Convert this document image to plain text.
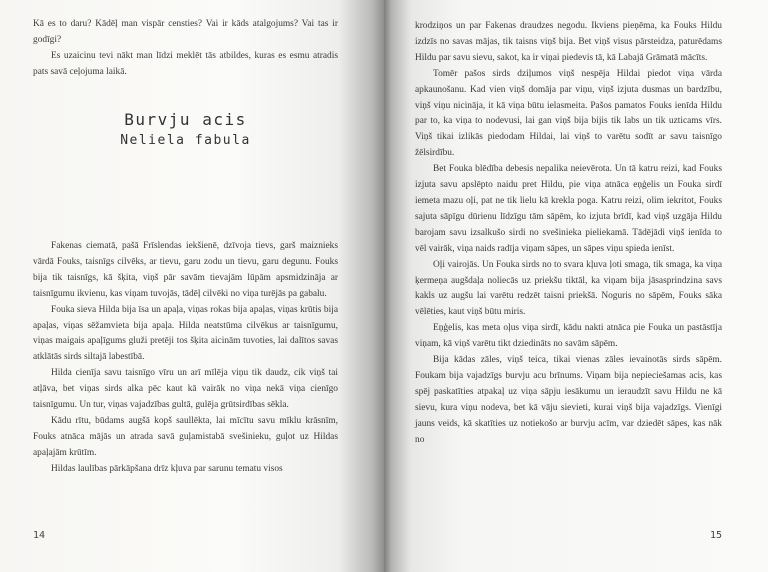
Kā es to daru? Kādēļ man vispār censties? Vai ir kāds atalgojums? Vai tas ir godīgi?

Es uzaicinu tevi nākt man līdzi meklēt tās atbildes, kuras es esmu atradis pats savā ceļojuma laikā.

Burvju acis
Neliela fabula

Fakenas ciematā, pašā Frīslendas iekšienē, dzīvoja tievs, garš maiznieks vārdā Fouks, taisnīgs cilvēks, ar tievu, garu zodu un tievu, garu degunu. Fouks bija tik taisnīgs, kā šķita, viņš pār savām tievajām lūpām apsmidzināja ar taisnīgumu ikvienu, kas viņam tuvojās, tādēļ cilvēki no viņa turējās pa gabalu.

Fouka sieva Hilda bija īsa un apaļa, viņas rokas bija apaļas, viņas krūtis bija apaļas, viņas sēžamvieta bija apaļa. Hilda neatstūma cilvēkus ar taisnīgumu, viņas maigais apaļīgums gluži pretēji tos šķita aicinām tuvoties, lai dalītos savas atklātās sirds siltajā labestībā.

Hilda cienīja savu taisnīgo vīru un arī mīlēja viņu tik daudz, cik viņš tai atļāva, bet viņas sirds alka pēc kaut kā vairāk no viņa nekā viņa cienīgo taisnīgumu. Un tur, viņas vajadzības gultā, gulēja grūtsirdības sēkla.

Kādu rītu, būdams augšā kopš saullēkta, lai mīcītu savu mīklu krāsnīm, Fouks atnāca mājās un atrada savā guļamistabā svešinieku, guļot uz Hildas apaļajām krūtīm.

Hildas laulības pārkāpšana drīz kļuva par sarunu tematu visos

14

krodziņos un par Fakenas draudzes negodu. Ikviens pieņēma, ka Fouks Hildu izdzīs no savas mājas, tik taisns viņš bija. Bet viņš visus pārsteidza, paturēdams Hildu par savu sievu, sakot, ka ir viņai piedevis tā, kā Labajā Grāmatā mācīts.

Tomēr pašos sirds dziļumos viņš nespēja Hildai piedot viņa vārda apkaunošanu. Kad vien viņš domāja par viņu, viņš izjuta dusmas un bardzību, viņš viņu nicināja, it kā viņa būtu ielasmeita. Pašos pamatos Fouks ienīda Hildu par to, ka viņa to nodevusi, lai gan viņš bija bijis tik labs un tik uzticams vīrs. Viņš tikai izlikās piedodam Hildai, lai viņš to varētu sodīt ar savu taisnīgo žēlsirdību.

Bet Fouka blēdība debesis nepalika neievērota. Un tā katru reizi, kad Fouks izjuta savu apslēpto naidu pret Hildu, pie viņa atnāca eņģelis un Fouka sirdī iemeta mazu oļi, pat ne tik lielu kā krekla poga. Katru reizi, olim iekritot, Fouks sajuta sāpīgu dūrienu līdzīgu tām sāpēm, ko izjuta brīdī, kad viņš uzgāja Hildu barojam savu izsalkušo sirdi no svešinieka pieliekamā. Tādējādi viņš ienīda to vēl vairāk, viņa naids radīja viņam sāpes, un sāpes viņu spieda ienīst.

Oļi vairojās. Un Fouka sirds no to svara kļuva ļoti smaga, tik smaga, ka viņa ķermeņa augšdaļa noliecās uz priekšu tiktāl, ka viņam bija jāsasprindzina savs kakls uz augšu lai varētu redzēt taisni priekšā. Noguris no sāpēm, Fouks sāka vēlēties, kaut viņš būtu miris.

Eņģelis, kas meta oļus viņa sirdī, kādu nakti atnāca pie Fouka un pastāstīja viņam, kā viņš varētu tikt dziedināts no savām sāpēm.

Bija kādas zāles, viņš teica, tikai vienas zāles ievainotās sirds sāpēm. Foukam bija vajadzīgs burvju acu brīnums. Viņam bija nepieciešamas acis, kas spēj paskatīties atpakaļ uz viņa sāpju iesākumu un ieraudzīt savu Hildu ne kā sievu, kura viņu nodeva, bet kā vāju sievieti, kurai viņš bija vajadzīgs. Vienīgi jauns veids, kā skatīties uz notiekošo ar burvju acīm, var dziedēt sāpes, kas nāk no

15
